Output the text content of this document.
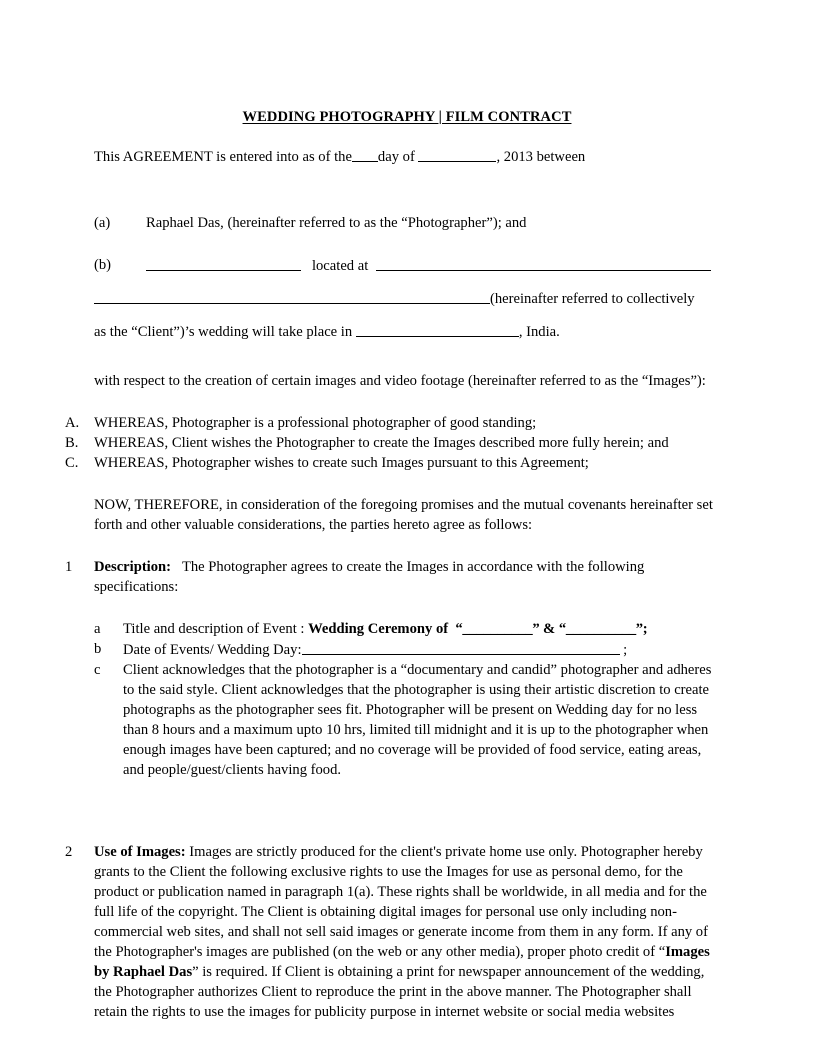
WEDDING PHOTOGRAPHY | FILM CONTRACT

This AGREEMENT is entered into as of the day of	, 2013 between

(a) Raphael Das, (hereinafter referred to as the “Photographer”); and
(b)	located at

(hereinafter referred to collectively

as the “Client”)’s wedding will take place in	, India.

with respect to the creation of certain images and video footage (hereinafter referred to as the “Images”):

A.	WHEREAS, Photographer is a professional photographer of good standing;
B.	WHEREAS, Client wishes the Photographer to create the Images described more fully herein; and
C.	WHEREAS, Photographer wishes to create such Images pursuant to this Agreement;

NOW, THEREFORE, in consideration of the foregoing promises and the mutual covenants hereinafter set forth and other valuable considerations, the parties hereto agree as follows:

1 Description: The Photographer agrees to create the Images in accordance with the following specifications:
a Title and description of Event : Wedding Ceremony of “__________” & “__________”;
b Date of Events/ Wedding Day:	;
c Client acknowledges that the photographer is a “documentary and candid” photographer and adheres to the said style. Client acknowledges that the photographer is using their artistic discretion to create photographs as the photographer sees fit. Photographer will be present on Wedding day for no less than 8 hours and a maximum upto 10 hrs, limited till midnight and it is up to the photographer when enough images have been captured; and no coverage will be provided of food service, eating areas, and people/guest/clients having food.
2 Use of Images: Images are strictly produced for the client's private home use only. Photographer hereby grants to the Client the following exclusive rights to use the Images for use as personal demo, for the product or publication named in paragraph 1(a). These rights shall be worldwide, in all media and for the full life of the copyright. The Client is obtaining digital images for personal use only including non-commercial web sites, and shall not sell said images or generate income from them in any form. If any of the Photographer's images are published (on the web or any other media), proper photo credit of “Images by Raphael Das” is required. If Client is obtaining a print for newspaper announcement of the wedding, the Photographer authorizes Client to reproduce the print in the above manner. The Photographer shall retain the rights to use the images for publicity purpose in internet website or social media websites
